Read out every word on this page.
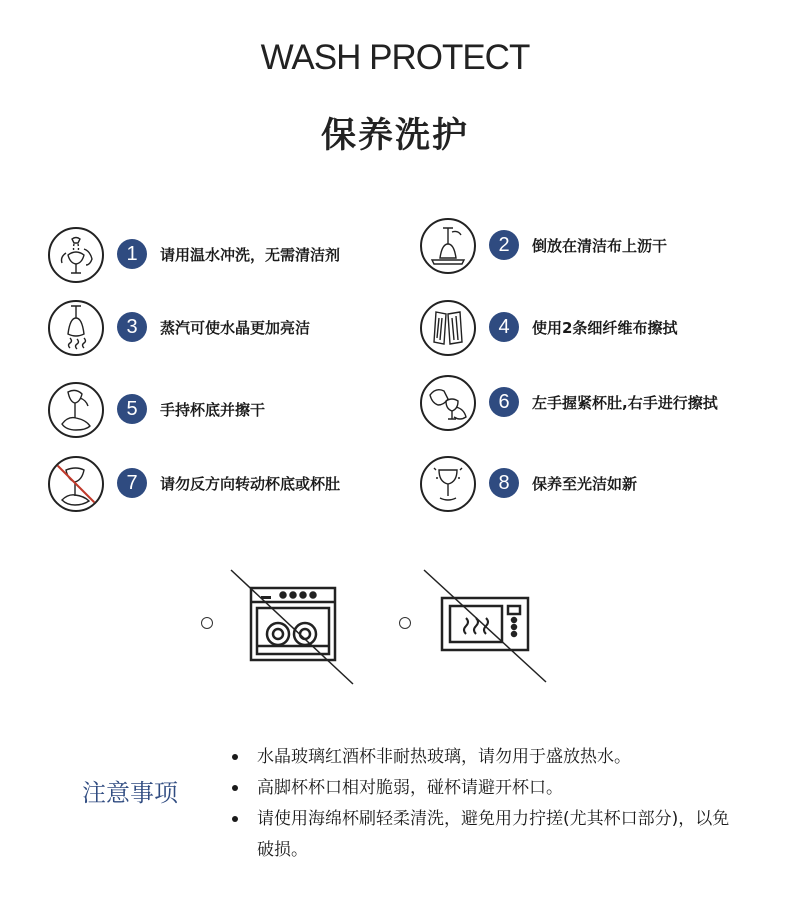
WASH PROTECT
保养洗护
1	请用温水冲洗，无需清洁剂	2	倒放在清洁布上沥干
3	蒸汽可使水晶更加亮洁	4	使用2条细纤维布擦拭
5	手持杯底并擦干	6	左手握紧杯肚,右手进行擦拭
7	请勿反方向转动杯底或杯肚	8	保养至光洁如新
注意事项
水晶玻璃红酒杯非耐热玻璃，请勿用于盛放热水。
高脚杯杯口相对脆弱，碰杯请避开杯口。
请使用海绵杯刷轻柔清洗，避免用力拧搓(尤其杯口部分)，以免破损。
